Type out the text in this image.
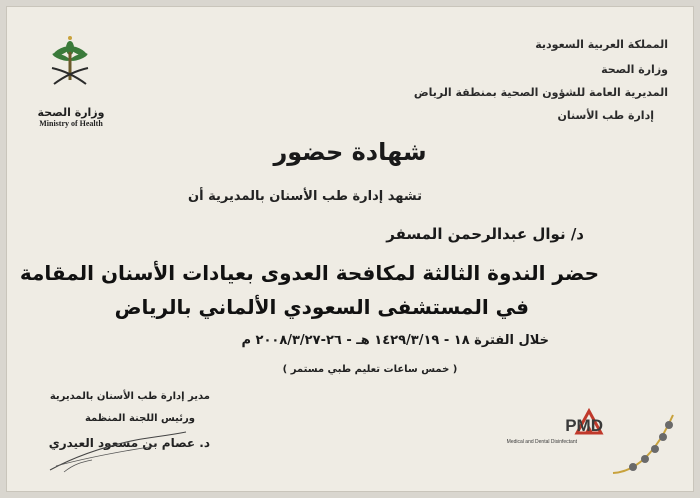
المملكة العربية السعودية
وزارة الصحة
المديرية العامة للشؤون الصحية بمنطقة الرياض
إدارة طب الأسنان
وزارة الصحة
Ministry of Health
شهادة حضور
تشهد إدارة طب الأسنان بالمديرية أن
د/ نوال عبدالرحمن المسفر
حضر الندوة الثالثة لمكافحة العدوى بعيادات الأسنان المقامة
في المستشفى السعودي الألماني بالرياض
خلال الفترة ١٨ - ١٤٢٩/٣/١٩ هـ - ٢٦-٢٠٠٨/٣/٢٧ م
( خمس ساعات تعليم طبي مستمر )
مدير إدارة طب الأسنان بالمديرية
ورئيس اللجنة المنظمة
د. عصام بن مسعود العيدري
PMD
Medical and Dental Disinfectant
